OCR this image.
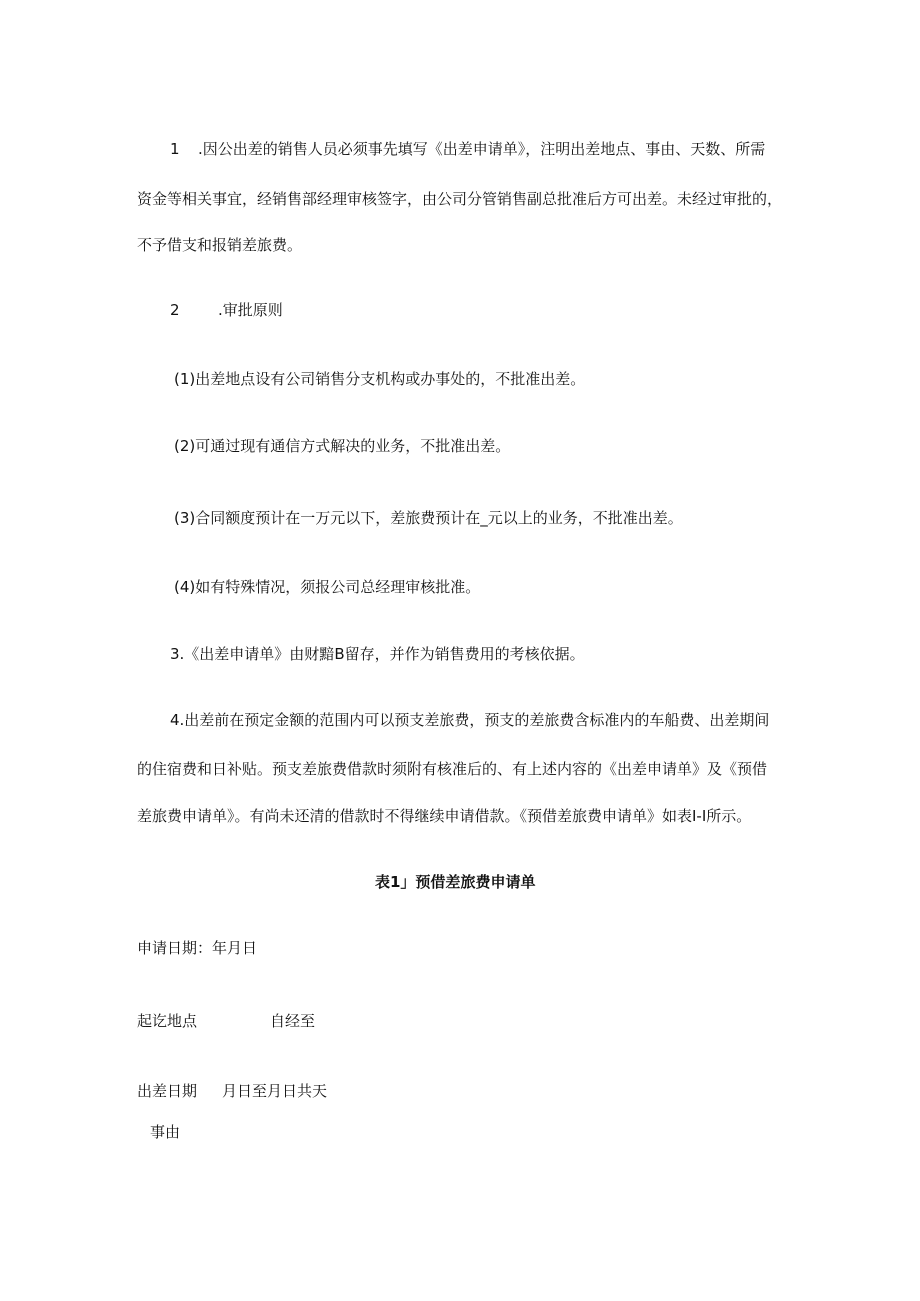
1 .因公出差的销售人员必须事先填写《出差申请单》，注明出差地点、事由、天数、所需
资金等相关事宜，经销售部经理审核签字，由公司分管销售副总批准后方可出差。未经过审批的，
不予借支和报销差旅费。
2	.审批原则
(1)出差地点设有公司销售分支机构或办事处的，不批准出差。
(2)可通过现有通信方式解决的业务，不批准出差。
(3)合同额度预计在一万元以下，差旅费预计在_元以上的业务，不批准出差。
(4)如有特殊情况，须报公司总经理审核批准。
3.《出差申请单》由财黯B留存，并作为销售费用的考核依据。
4.出差前在预定金额的范围内可以预支差旅费，预支的差旅费含标准内的车船费、出差期间
的住宿费和日补贴。预支差旅费借款时须附有核准后的、有上述内容的《出差申请单》及《预借
差旅费申请单》。有尚未还清的借款时不得继续申请借款。《预借差旅费申请单》如表I-I所示。
表1」预借差旅费申请单
申请日期：年月日
起讫地点	自经至
出差日期 月日至月日共天
事由
